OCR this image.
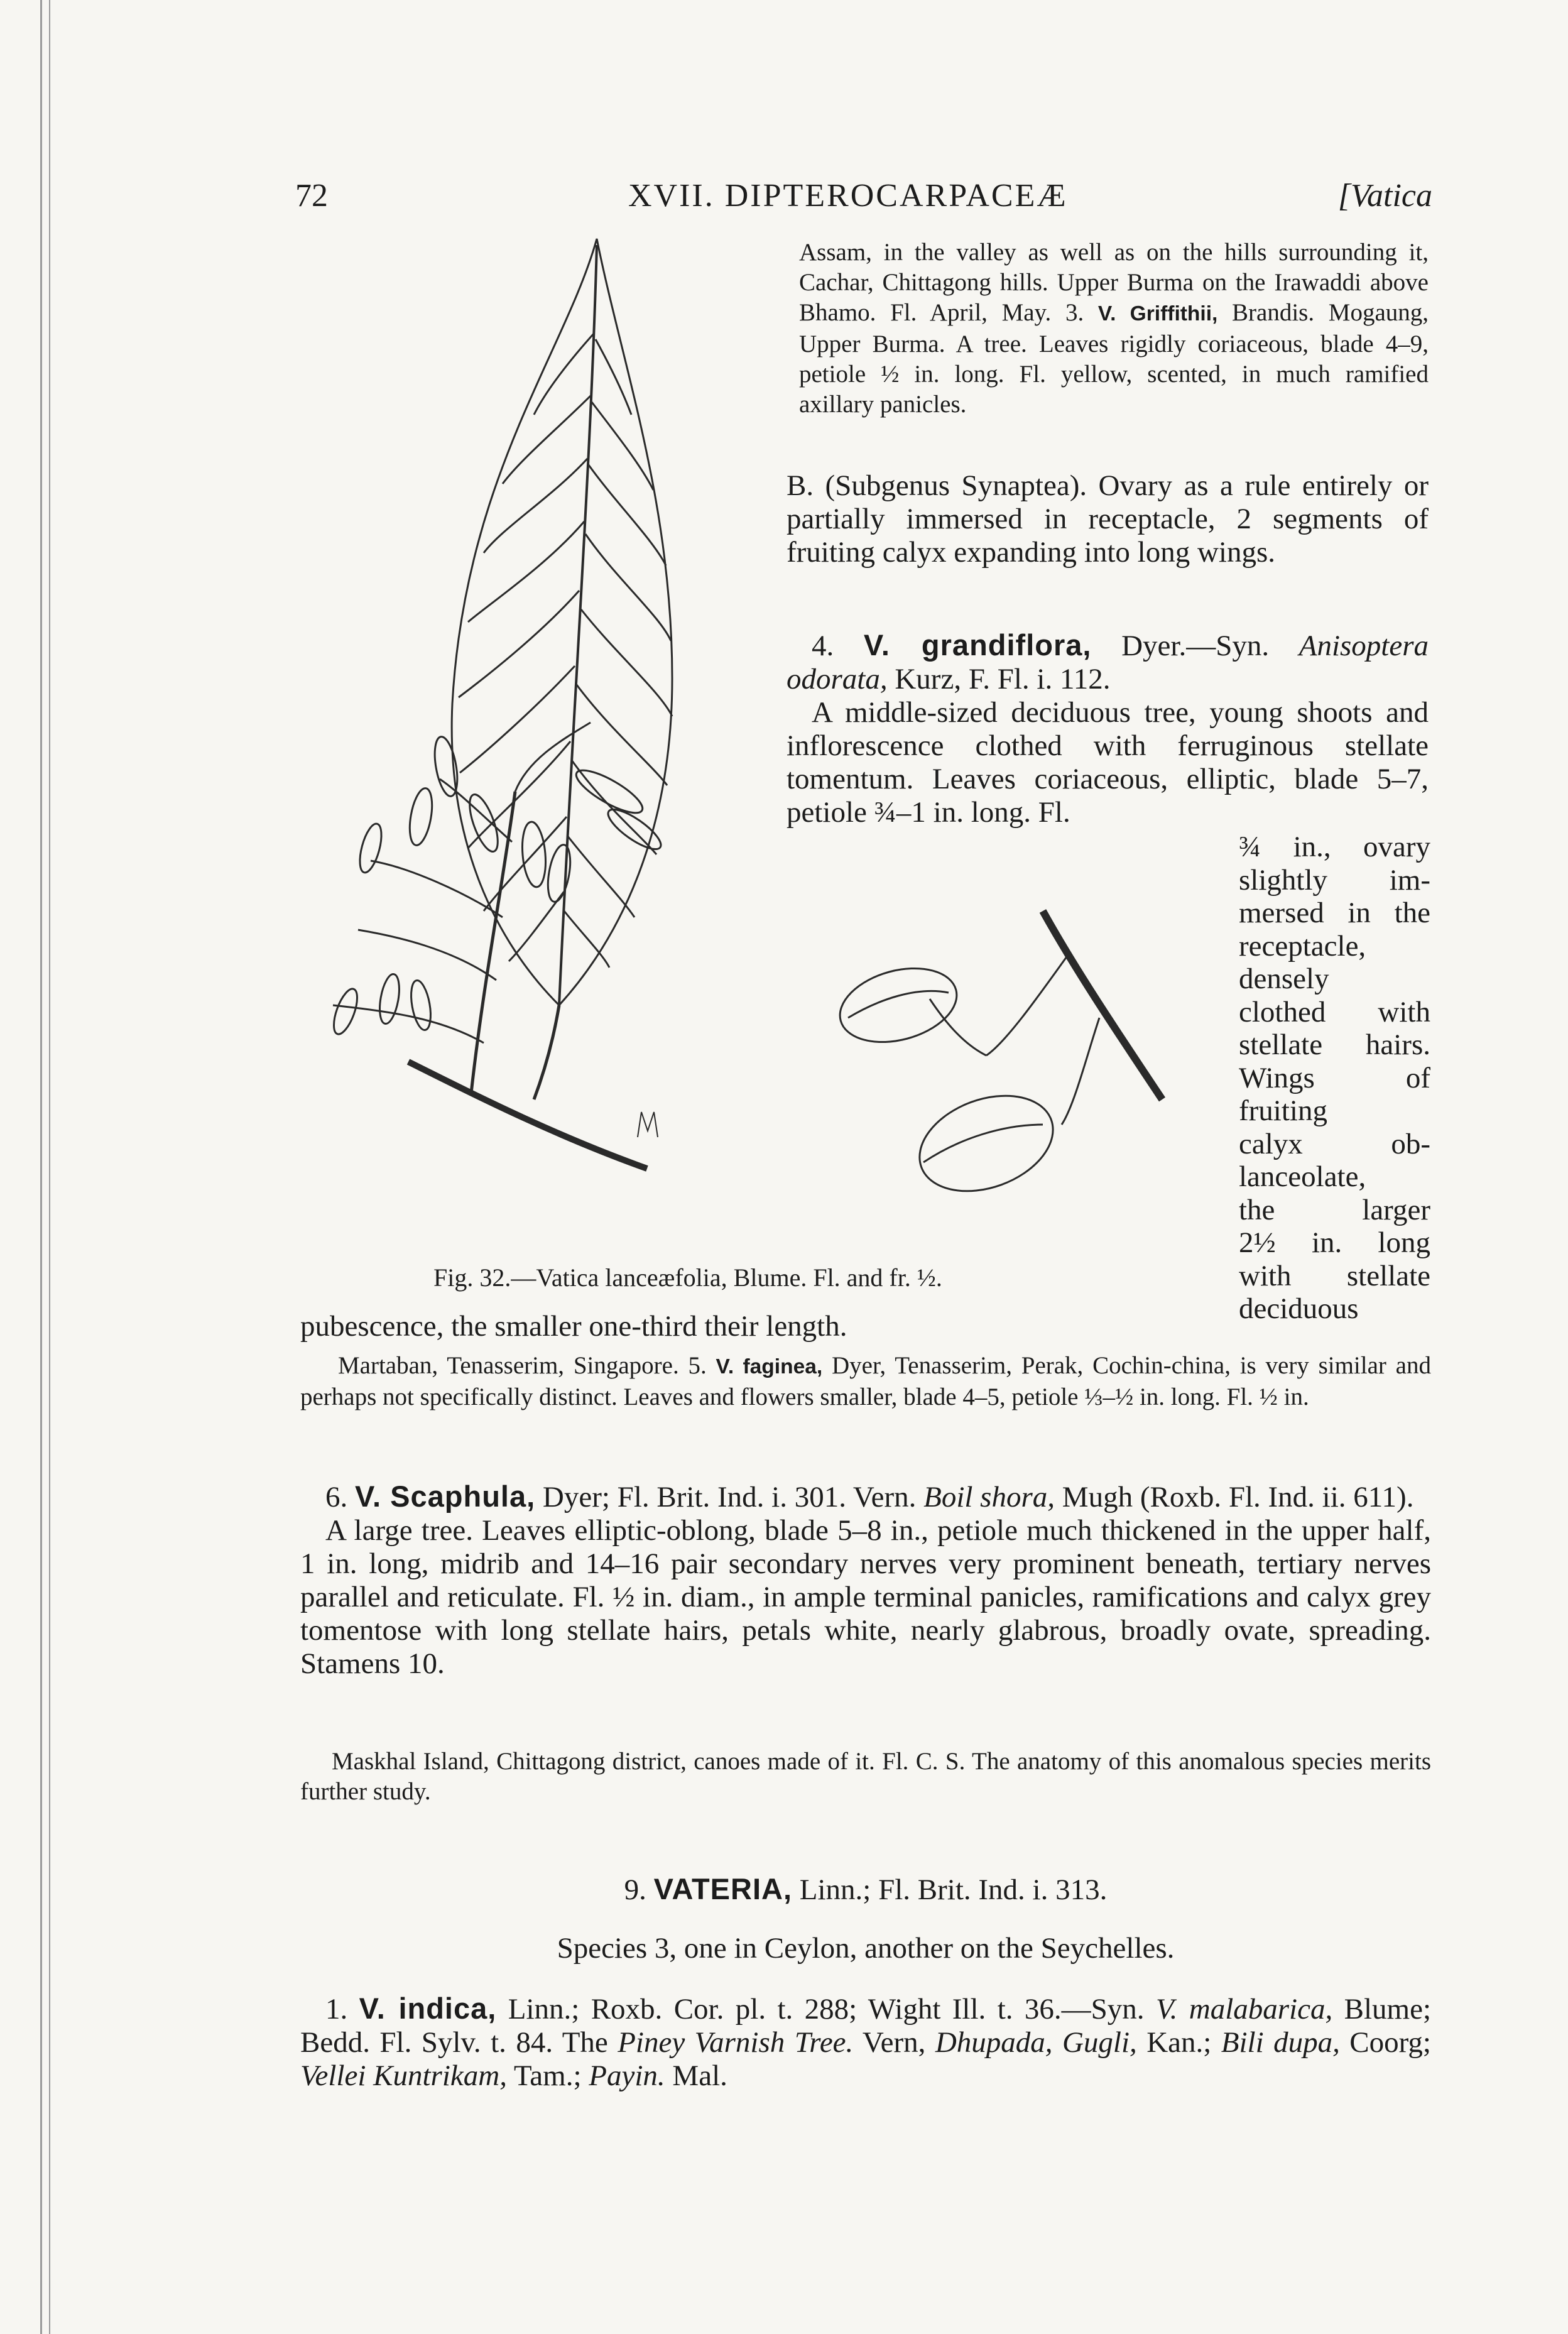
72	XVII. DIPTEROCARPACEÆ	[Vatica
Assam, in the valley as well as on the hills surrounding it, Cachar, Chittagong hills. Upper Burma on the Irawaddi above Bhamo. Fl. April, May. 3. V. Griffithii, Brandis. Mogaung, Upper Burma. A tree. Leaves rigidly coriaceous, blade 4–9, petiole ½ in. long. Fl. yellow, scented, in much ramified axillary panicles.

B. (Subgenus Synaptea). Ovary as a rule entirely or partially immersed in receptacle, 2 segments of fruiting calyx expanding into long wings.

4. V. grandiflora, Dyer.—Syn. Anisoptera odorata, Kurz, F. Fl. i. 112.
A middle-sized deciduous tree, young shoots and inflorescence clothed with ferruginous stellate tomentum. Leaves coriaceous, elliptic, blade 5–7, petiole ¾–1 in. long. Fl.
¾ in., ovary
slightly im-
mersed in the
receptacle,
densely
clothed with
stellate hairs.
Wings of
fruiting
calyx ob-
lanceolate,
the larger
2½ in. long
with stellate
deciduous
Fig. 32.—Vatica lanceæfolia, Blume. Fl. and fr. ½.

pubescence, the smaller one-third their length.

Martaban, Tenasserim, Singapore. 5. V. faginea, Dyer, Tenasserim, Perak, Cochin-china, is very similar and perhaps not specifically distinct. Leaves and flowers smaller, blade 4–5, petiole ⅓–½ in. long. Fl. ½ in.
6. V. Scaphula, Dyer; Fl. Brit. Ind. i. 301. Vern. Boil shora, Mugh (Roxb. Fl. Ind. ii. 611).
A large tree. Leaves elliptic-oblong, blade 5–8 in., petiole much thickened in the upper half, 1 in. long, midrib and 14–16 pair secondary nerves very prominent beneath, tertiary nerves parallel and reticulate. Fl. ½ in. diam., in ample terminal panicles, ramifications and calyx grey tomentose with long stellate hairs, petals white, nearly glabrous, broadly ovate, spreading. Stamens 10.

Maskhal Island, Chittagong district, canoes made of it. Fl. C. S. The anatomy of this anomalous species merits further study.

9. VATERIA, Linn.; Fl. Brit. Ind. i. 313.

Species 3, one in Ceylon, another on the Seychelles.

1. V. indica, Linn.; Roxb. Cor. pl. t. 288; Wight Ill. t. 36.—Syn. V. malabarica, Blume; Bedd. Fl. Sylv. t. 84. The Piney Varnish Tree. Vern, Dhupada, Gugli, Kan.; Bili dupa, Coorg; Vellei Kuntrikam, Tam.; Payin. Mal.
